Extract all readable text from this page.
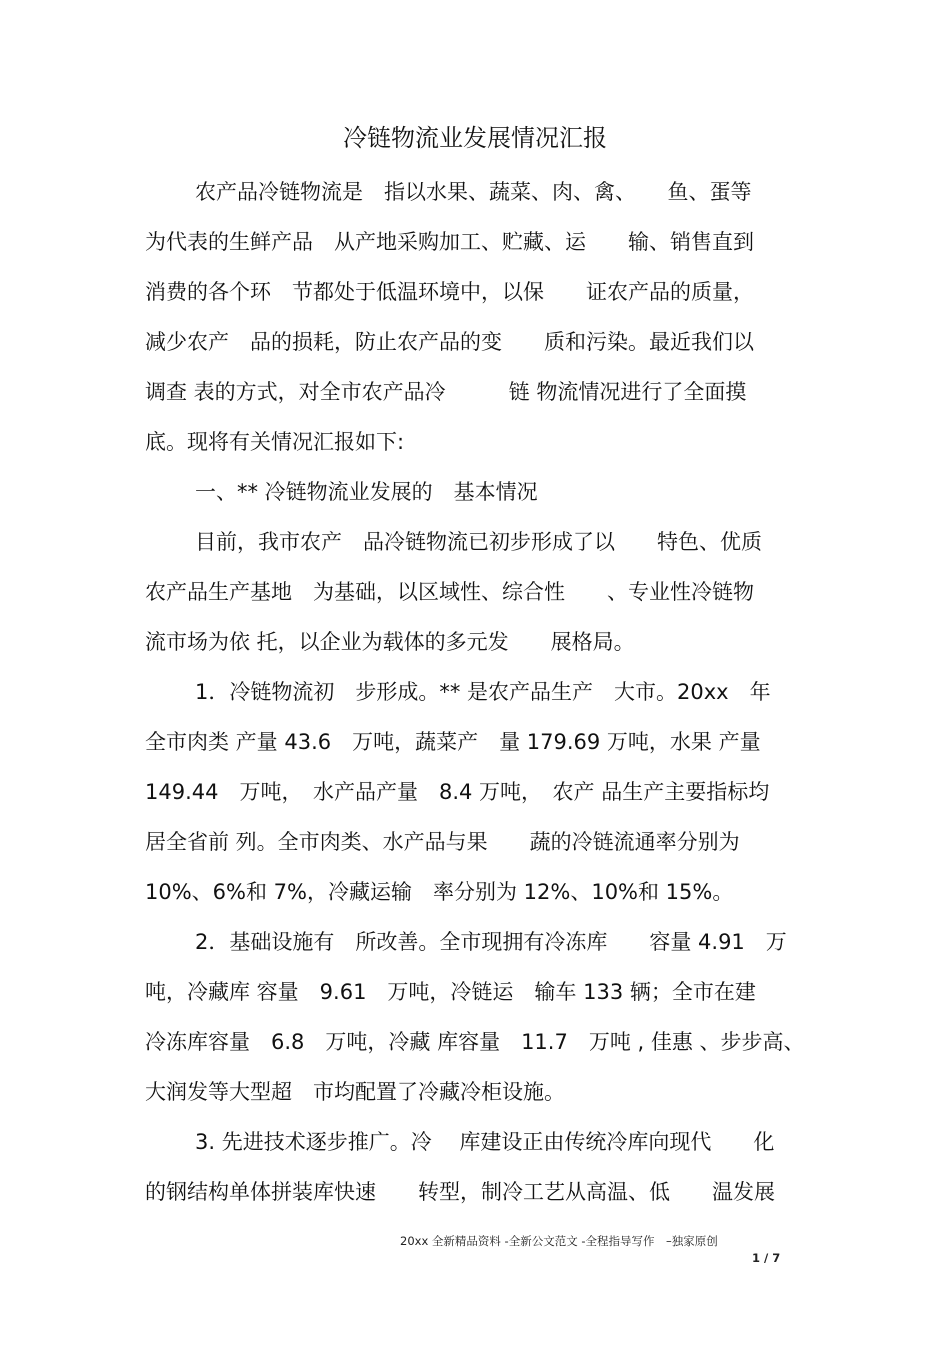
冷链物流业发展情况汇报
农产品冷链物流是　指以水果、蔬菜、肉、禽、　　鱼、蛋等
为代表的生鲜产品　从产地采购加工、贮藏、运　　输、销售直到
消费的各个环　节都处于低温环境中，以保　　证农产品的质量，
减少农产　品的损耗，防止农产品的变　　质和污染。最近我们以
调查 表的方式，对全市农产品冷　　　链 物流情况进行了全面摸
底。现将有关情况汇报如下:
一、** 冷链物流业发展的　基本情况
目前，我市农产　品冷链物流已初步形成了以　　特色、优质
农产品生产基地　为基础，以区域性、综合性　　、专业性冷链物
流市场为依 托，以企业为载体的多元发　　展格局。
1．冷链物流初　步形成。** 是农产品生产　大市。20xx　年
全市肉类 产量 43.6　万吨，蔬菜产　量 179.69 万吨，水果 产量
149.44　万吨，　水产品产量　8.4 万吨，　农产 品生产主要指标均
居全省前 列。全市肉类、水产品与果　　蔬的冷链流通率分别为
10%、6%和 7%，冷藏运输　率分别为 12%、10%和 15%。
2．基础设施有　所改善。全市现拥有冷冻库　　容量 4.91　万
吨，冷藏库 容量　9.61　万吨，冷链运　输车 133 辆；全市在建
冷冻库容量　6.8　万吨，冷藏 库容量　11.7　万吨 , 佳惠 、步步高、
大润发等大型超　市均配置了冷藏冷柜设施。
3. 先进技术逐步推广。冷　 库建设正由传统冷库向现代　　化
的钢结构单体拼装库快速　　转型，制冷工艺从高温、低　　温发展
20xx 全新精品资料 -全新公文范文 -全程指导写作　–独家原创
1 / 7
